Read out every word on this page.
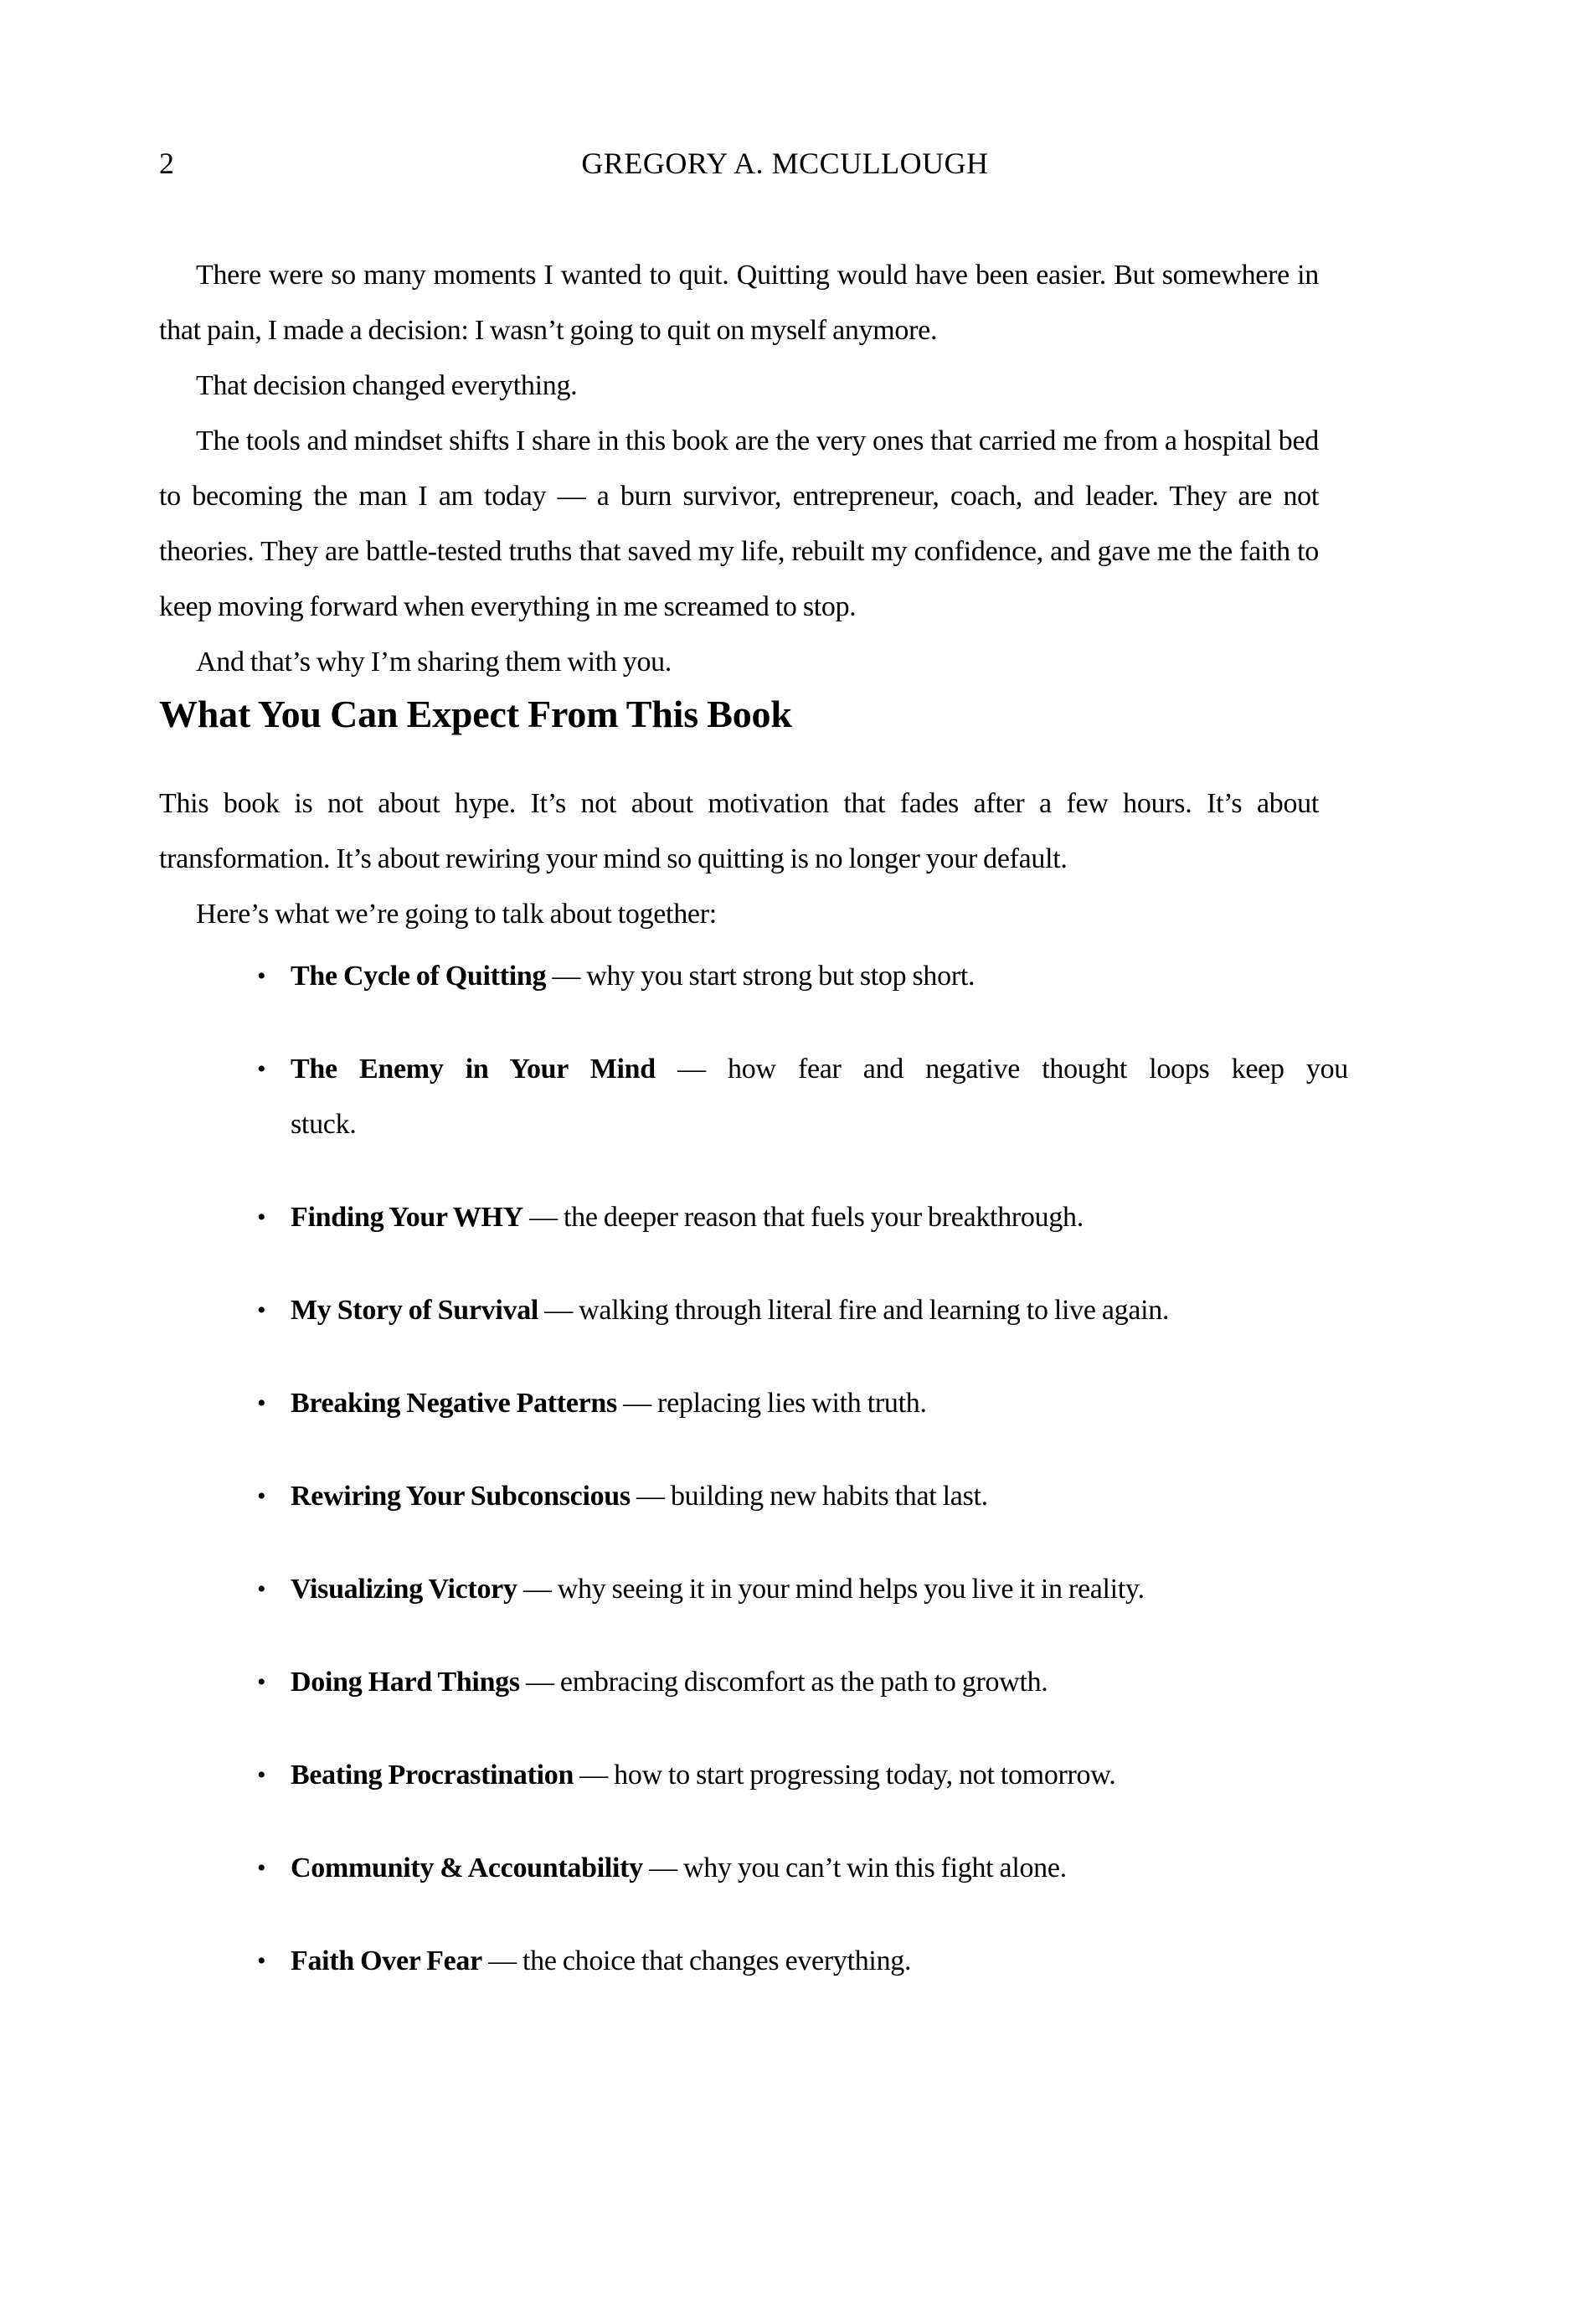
2	GREGORY A. MCCULLOUGH

There were so many moments I wanted to quit. Quitting would have been easier. But somewhere in that pain, I made a decision: I wasn’t going to quit on myself anymore.

That decision changed everything.

The tools and mindset shifts I share in this book are the very ones that carried me from a hospital bed to becoming the man I am today — a burn survivor, entrepreneur, coach, and leader. They are not theories. They are battle-tested truths that saved my life, rebuilt my confidence, and gave me the faith to keep moving forward when everything in me screamed to stop.

And that’s why I’m sharing them with you.

What You Can Expect From This Book

This book is not about hype. It’s not about motivation that fades after a few hours. It’s about transformation. It’s about rewiring your mind so quitting is no longer your default.

Here’s what we’re going to talk about together:

• The Cycle of Quitting — why you start strong but stop short.
• The Enemy in Your Mind — how fear and negative thought loops keep you
stuck.
• Finding Your WHY — the deeper reason that fuels your breakthrough.
• My Story of Survival — walking through literal fire and learning to live again.
• Breaking Negative Patterns — replacing lies with truth.
• Rewiring Your Subconscious — building new habits that last.
• Visualizing Victory — why seeing it in your mind helps you live it in reality.
• Doing Hard Things — embracing discomfort as the path to growth.
• Beating Procrastination — how to start progressing today, not tomorrow.
• Community & Accountability — why you can’t win this fight alone.
• Faith Over Fear — the choice that changes everything.
